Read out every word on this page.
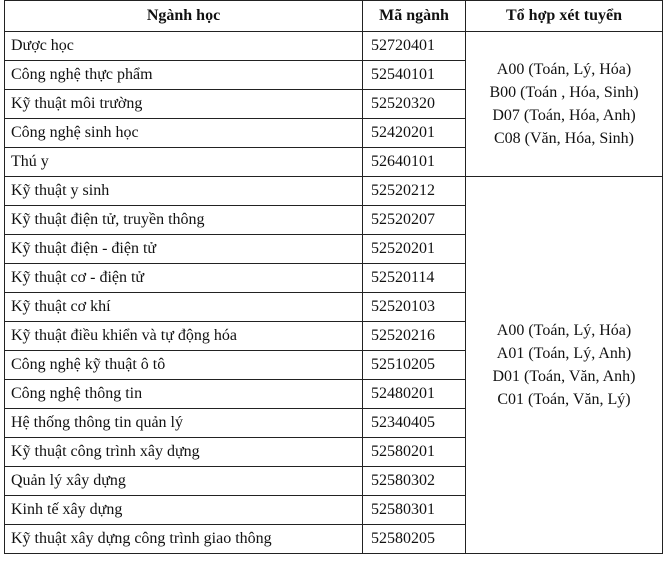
Ngành học	Mã ngành	Tổ hợp xét tuyển
Dược học	52720401	A00 (Toán, Lý, Hóa)
B00 (Toán , Hóa, Sinh)
D07 (Toán, Hóa, Anh)
C08 (Văn, Hóa, Sinh)

Công nghệ thực phẩm	52540101	
Kỹ thuật môi trường	52520320	
Công nghệ sinh học	52420201	
Thú y	52640101	
Kỹ thuật y sinh	52520212	A00 (Toán, Lý, Hóa)
A01 (Toán, Lý, Anh)
D01 (Toán, Văn, Anh)
C01 (Toán, Văn, Lý)

Kỹ thuật điện tử, truyền thông	52520207	
Kỹ thuật điện - điện tử	52520201	
Kỹ thuật cơ - điện tử	52520114	
Kỹ thuật cơ khí	52520103	
Kỹ thuật điều khiển và tự động hóa	52520216	
Công nghệ kỹ thuật ô tô	52510205	
Công nghệ thông tin	52480201	
Hệ thống thông tin quản lý	52340405	
Kỹ thuật công trình xây dựng	52580201	
Quản lý xây dựng	52580302	
Kinh tế xây dựng	52580301	
Kỹ thuật xây dựng công trình giao thông	52580205	
